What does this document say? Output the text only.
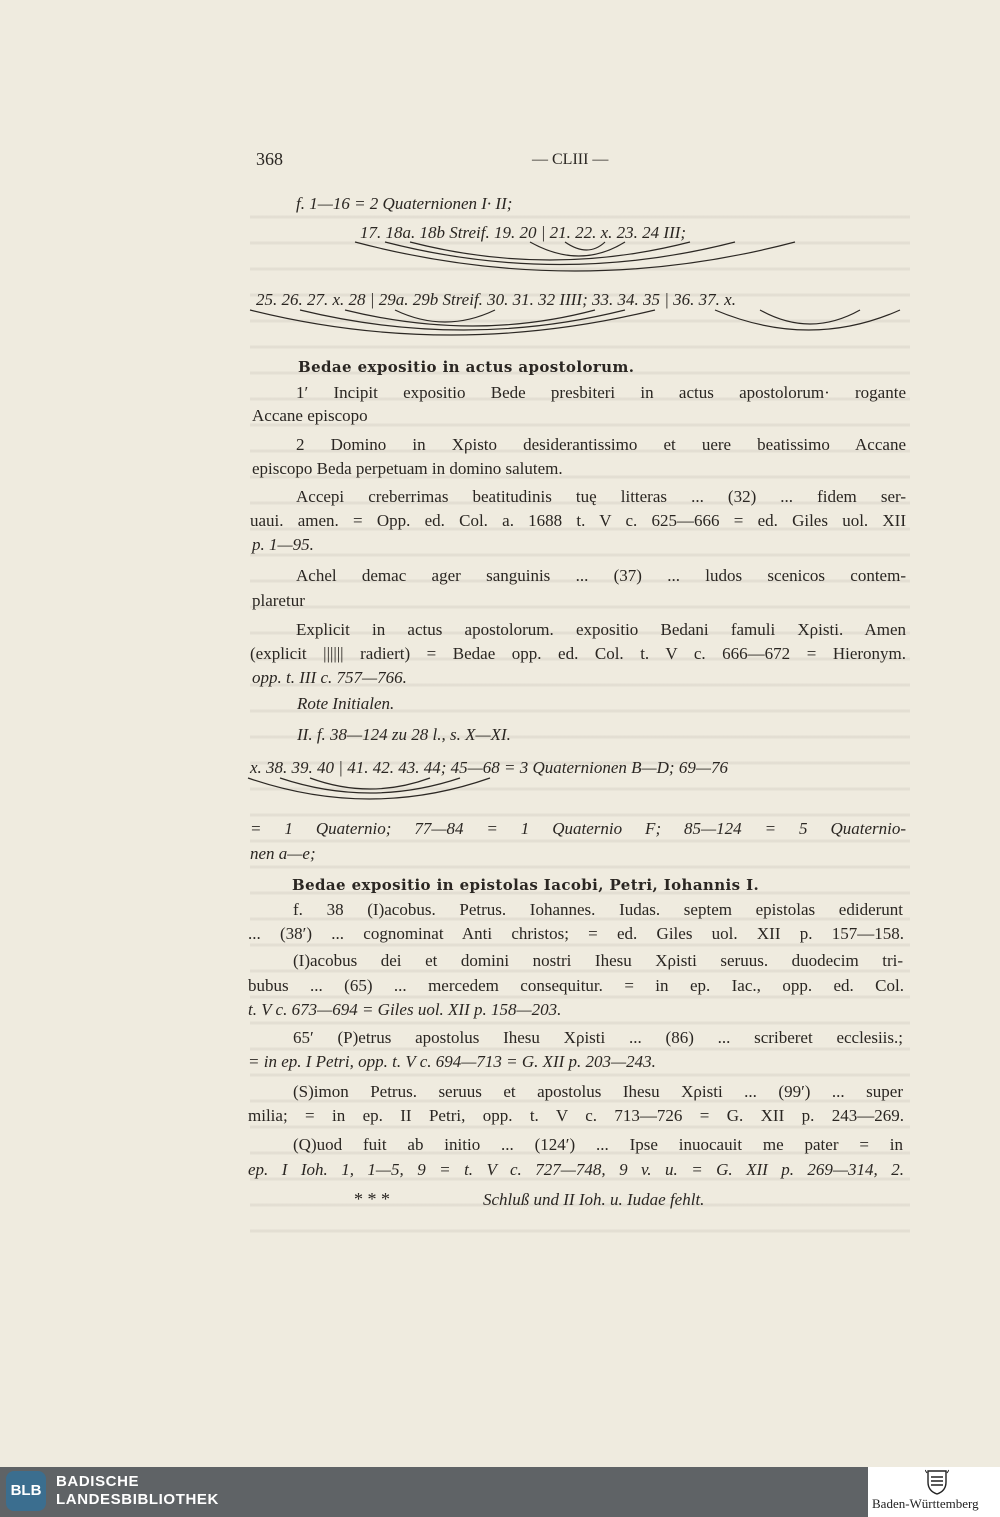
368	— CLIII —
f. 1—16 = 2 Quaternionen I· II;
17. 18a. 18b Streif. 19. 20 | 21. 22. x. 23. 24 III;
25. 26. 27. x. 28 | 29a. 29b Streif. 30. 31. 32 IIII; 33. 34. 35 | 36. 37. x.
Bedae expositio in actus apostolorum.
1′ Incipit expositio Bede presbiteri in actus apostolorum· rogante
Accane episcopo
2 Domino in Xρisto desiderantissimo et uere beatissimo Accane
episcopo Beda perpetuam in domino salutem.
Accepi creberrimas beatitudinis tuę litteras ... (32) ... fidem ser-
uaui. amen. = Opp. ed. Col. a. 1688 t. V c. 625—666 = ed. Giles uol. XII
p. 1—95.
Achel demac ager sanguinis ... (37) ... ludos scenicos contem-
plaretur
Explicit in actus apostolorum. expositio Bedani famuli Xρisti. Amen
(explicit |||||| radiert) = Bedae opp. ed. Col. t. V c. 666—672 = Hieronym.
opp. t. III c. 757—766.
Rote Initialen.
II. f. 38—124 zu 28 l., s. X—XI.
x. 38. 39. 40 | 41. 42. 43. 44; 45—68 = 3 Quaternionen B—D; 69—76
= 1 Quaternio; 77—84 = 1 Quaternio F; 85—124 = 5 Quaternio-
nen a—e;
Bedae expositio in epistolas Iacobi, Petri, Iohannis I.
f. 38 (I)acobus. Petrus. Iohannes. Iudas. septem epistolas ediderunt
... (38′) ... cognominat Anti christos; = ed. Giles uol. XII p. 157—158.
(I)acobus dei et domini nostri Ihesu Xρisti seruus. duodecim tri-
bubus ... (65) ... mercedem consequitur. = in ep. Iac., opp. ed. Col.
t. V c. 673—694 = Giles uol. XII p. 158—203.
65′ (P)etrus apostolus Ihesu Xρisti ... (86) ... scriberet ecclesiis.;
= in ep. I Petri, opp. t. V c. 694—713 = G. XII p. 203—243.
(S)imon Petrus. seruus et apostolus Ihesu Xρisti ... (99′) ... super
milia; = in ep. II Petri, opp. t. V c. 713—726 = G. XII p. 243—269.
(Q)uod fuit ab initio ... (124′) ... Ipse inuocauit me pater = in
ep. I Ioh. 1, 1—5, 9 = t. V c. 727—748, 9 v. u. = G. XII p. 269—314, 2.
* * *	Schluß und II Ioh. u. Iudae fehlt.
BLB
BADISCHE
LANDESBIBLIOTHEK	Baden-Württemberg
